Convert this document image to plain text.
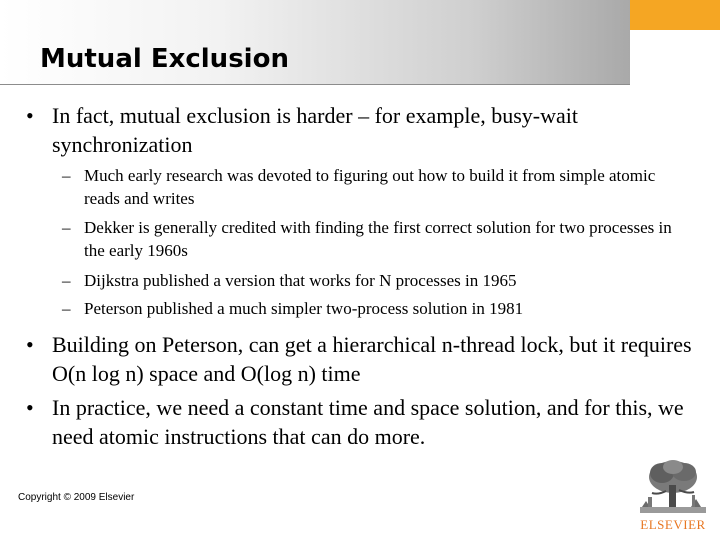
Mutual Exclusion
• In fact, mutual exclusion is harder – for example, busy-wait synchronization
– Much early research was devoted to figuring out how to build it from simple atomic reads and writes
– Dekker is generally credited with finding the first correct solution for two processes in the early 1960s
– Dijkstra published a version that works for N processes in 1965
– Peterson published a much simpler two-process solution in 1981
• Building on Peterson, can get a hierarchical n-thread lock, but it requires O(n log n) space and O(log n) time
• In practice, we need a constant time and space solution, and for this, we need atomic instructions that can do more.
Copyright © 2009 Elsevier
ELSEVIER
